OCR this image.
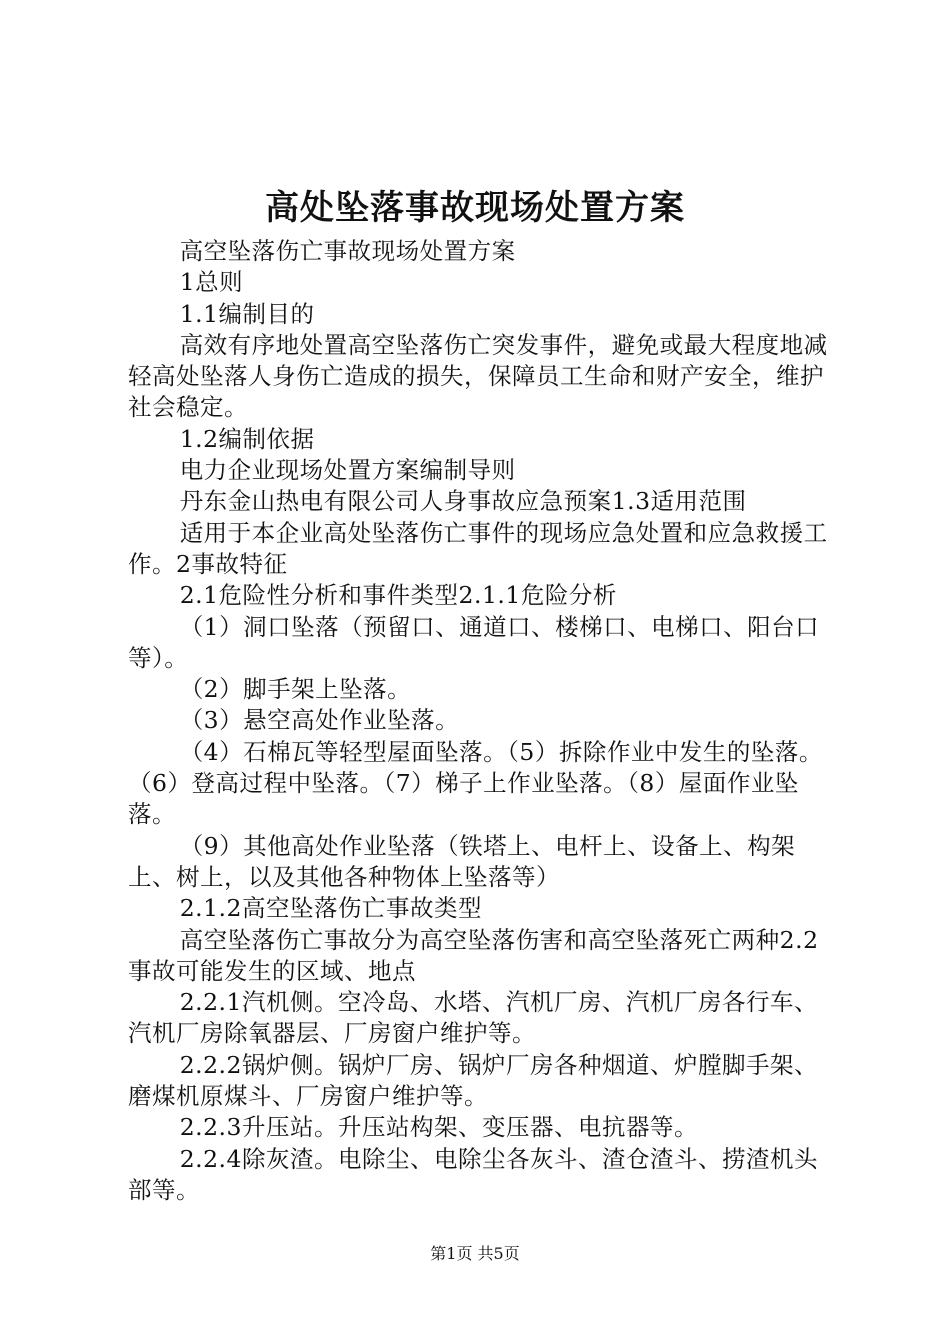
高处坠落事故现场处置方案

高空坠落伤亡事故现场处置方案

1总则

1.1编制目的

高效有序地处置高空坠落伤亡突发事件，避免或最大程度地减轻高处坠落人身伤亡造成的损失，保障员工生命和财产安全，维护社会稳定。

1.2编制依据

电力企业现场处置方案编制导则

丹东金山热电有限公司人身事故应急预案1.3适用范围

适用于本企业高处坠落伤亡事件的现场应急处置和应急救援工作。2事故特征

2.1危险性分析和事件类型2.1.1危险分析

（1）洞口坠落（预留口、通道口、楼梯口、电梯口、阳台口等）。

（2）脚手架上坠落。

（3）悬空高处作业坠落。

（4）石棉瓦等轻型屋面坠落。（5）拆除作业中发生的坠落。（6）登高过程中坠落。（7）梯子上作业坠落。（8）屋面作业坠落。

（9）其他高处作业坠落（铁塔上、电杆上、设备上、构架上、树上，以及其他各种物体上坠落等）

2.1.2高空坠落伤亡事故类型

高空坠落伤亡事故分为高空坠落伤害和高空坠落死亡两种2.2事故可能发生的区域、地点

2.2.1汽机侧。空冷岛、水塔、汽机厂房、汽机厂房各行车、汽机厂房除氧器层、厂房窗户维护等。

2.2.2锅炉侧。锅炉厂房、锅炉厂房各种烟道、炉膛脚手架、磨煤机原煤斗、厂房窗户维护等。

2.2.3升压站。升压站构架、变压器、电抗器等。

2.2.4除灰渣。电除尘、电除尘各灰斗、渣仓渣斗、捞渣机头部等。

第1页 共5页
